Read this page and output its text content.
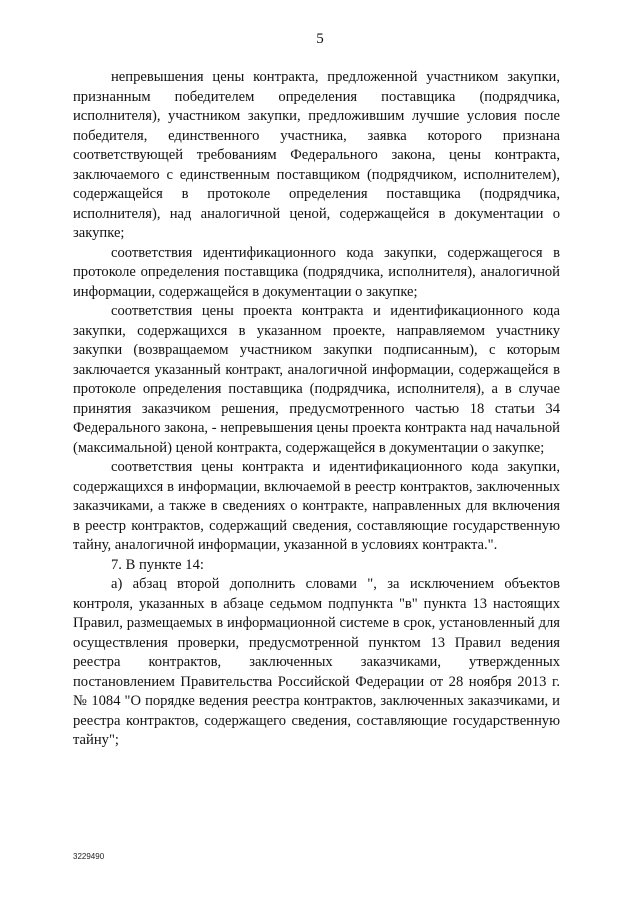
5

непревышения цены контракта, предложенной участником закупки, признанным победителем определения поставщика (подрядчика, исполнителя), участником закупки, предложившим лучшие условия после победителя, единственного участника, заявка которого признана соответствующей требованиям Федерального закона, цены контракта, заключаемого с единственным поставщиком (подрядчиком, исполнителем), содержащейся в протоколе определения поставщика (подрядчика, исполнителя), над аналогичной ценой, содержащейся в документации о закупке;

соответствия идентификационного кода закупки, содержащегося в протоколе определения поставщика (подрядчика, исполнителя), аналогичной информации, содержащейся в документации о закупке;

соответствия цены проекта контракта и идентификационного кода закупки, содержащихся в указанном проекте, направляемом участнику закупки (возвращаемом участником закупки подписанным), с которым заключается указанный контракт, аналогичной информации, содержащейся в протоколе определения поставщика (подрядчика, исполнителя), а в случае принятия заказчиком решения, предусмотренного частью 18 статьи 34 Федерального закона, - непревышения цены проекта контракта над начальной (максимальной) ценой контракта, содержащейся в документации о закупке;

соответствия цены контракта и идентификационного кода закупки, содержащихся в информации, включаемой в реестр контрактов, заключенных заказчиками, а также в сведениях о контракте, направленных для включения в реестр контрактов, содержащий сведения, составляющие государственную тайну, аналогичной информации, указанной в условиях контракта.".

7. В пункте 14:

а) абзац второй дополнить словами ", за исключением объектов контроля, указанных в абзаце седьмом подпункта "в" пункта 13 настоящих Правил, размещаемых в информационной системе в срок, установленный для осуществления проверки, предусмотренной пунктом 13 Правил ведения реестра контрактов, заключенных заказчиками, утвержденных постановлением Правительства Российской Федерации от 28 ноября 2013 г. № 1084 "О порядке ведения реестра контрактов, заключенных заказчиками, и реестра контрактов, содержащего сведения, составляющие государственную тайну";

3229490
